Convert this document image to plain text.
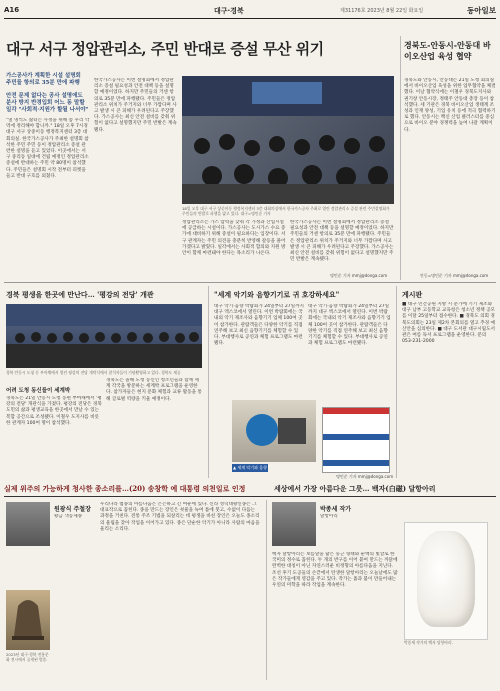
A16	대구·경북	제31176호 2023년 8월 22일 화요일	동아일보
대구 서구 정압관리소, 주민 반대로 증설 무산 위기
가스공사가 계획한 시설 설명회
주민들 항의로 35분 만에 파행
안전 문제 없다는 공사 설명에도
분사 방지 반경입회 어느 동 말할
일각 "사회적·지원가 할될 나서야"
"열 명씩도 삶터는 사정을 위해 좀 우리 악역에 정리해야 합니까." 18일 오후 7시경 대구 서구 상중이동 행정복지센터 3층 대회의실. 한국가스공사가 주최한 설명회 참석한 주민 주민 등이 정압관리소 증설 관련한 설명을 듣고 있었다. 이곳에서는 서구 중리동 일대에 건립 예정인 정압관리소 증설에 반대하는 주민 약 80명이 참석했다. 주민들은 설명회 시작 전부터 피켓을 들고 반대 구호를 외쳤다.
한국가스공사는 이번 설명회에서 정압관리소 증설 필요성과 안전 대책 등을 설명할 예정이었다. 하지만 주민들의 거센 항의로 35분 만에 파행됐다. 주민들은 정압관리소 위치가 주거지와 너무 가깝다며 사고 발생 시 큰 피해가 우려된다고 주장했다. 가스공사는 최신 안전 설비를 갖춰 위험이 없다고 설명했지만 주민 반발은 계속됐다.
18일 오후 대구 서구 상중이동 행정복지센터 3층 대회의실에서 한국가스공사 주최로 열린 정압관리소 증설 관련 주민설명회가 주민들의 반발로 파행을 빚고 있다. 대구=명민준 기자
정압관리소는 가스 압력을 낮춰 각 가정과 산업시설에 공급하는 시설이다. 가스공사는 도시가스 수요 증가에 대비하기 위해 증설이 필요하다는 입장이다. 서구 관계자는 주민 의견을 충분히 반영해 갈등을 풀어가겠다고 밝혔다. 일각에서는 사회적 합의와 지원 방안이 함께 마련돼야 한다는 목소리가 나온다.
한국가스공사는 이번 설명회에서 정압관리소 증설 필요성과 안전 대책 등을 설명할 예정이었다. 하지만 주민들의 거센 항의로 35분 만에 파행됐다. 주민들은 정압관리소 위치가 주거지와 너무 가깝다며 사고 발생 시 큰 피해가 우려된다고 주장했다. 가스공사는 최신 안전 설비를 갖춰 위험이 없다고 설명했지만 주민 반발은 계속됐다.
명민준 기자 mmj@donga.com
경북도-안동시-안동대 바이오산업 육성 협약
경북도와 안동시, 안동대는 21일 도청 회의실에서 바이오산업 육성을 위한 업무협약을 체결했다. 이날 협약식에는 이철우 경북도지사와 권기창 안동시장, 정태주 안동대 총장 등이 참석했다. 세 기관은 경북 바이오산업 생태계 조성과 인재 양성, 기업 유치 등에 적극 협력하기로 했다. 안동시는 백신 산업 클러스터를 중심으로 바이오 분야 경쟁력을 높여 나갈 계획이다.
안동=명민준 기자 mmj@donga.com
경북 평생을 한곳에 만난다… '평강의 전당' 개관
경북 안동시 도청 동 부마채에서 열린 평강의 전당 개막식에서 참석자들이 기념촬영하고 있다. 경북도 제공
경북도는 21일 안동시 도청 동편 부마채에서 '평강의 전당' 개관식을 가졌다. 평강의 전당은 경북 도민의 삶과 평생교육을 한곳에서 만날 수 있는 복합 공간으로 조성됐다. 이철우 도지사를 비롯한 관계자 100여 명이 참석했다.
어려 도청 동신들이 세계박
경북도는 올해 도청 동신인 청소년들과 함께 세계 각국을 방문하는 세계박 프로그램을 운영한다. 참가자들은 현지 문화 체험과 교류 활동을 통해 글로벌 역량을 키울 예정이다.
"세계 악기와 음향기기로 귀 호강하세요"
대구 악기·음향 박람회가 24일부터 27일까지 대구 엑스코에서 열린다. 이번 박람회에는 국내외 악기 제조사와 음향기기 업체 100여 곳이 참가한다. 관람객들은 다양한 악기를 직접 연주해 보고 최신 음향기기를 체험할 수 있다. 부대행사로 공연과 체험 프로그램도 마련됐다.
대구 악기·음향 박람회가 24일부터 27일까지 대구 엑스코에서 열린다. 이번 박람회에는 국내외 악기 제조사와 음향기기 업체 100여 곳이 참가한다. 관람객들은 다양한 악기를 직접 연주해 보고 최신 음향기기를 체험할 수 있다. 부대행사로 공연과 체험 프로그램도 마련됐다.
▲ 세계 악기와 음향
명민준 기자 mmj@donga.com
게시판
■ 대구 민간공원 지방 시 문가에 기기 제조와 대구 남부 고등학교 교육청은 청소년 정책 공모를 이달 25일부터 접수한다. ■ 경북도 의회 경북도의회는 23일 제2차 본회의를 열고 추경 예산안을 심의한다. ■ 대구 도서관 대구시립도서관은 여름 독서 프로그램을 운영한다. 문의 053-231-2000
실제 위주의 가능하게 청사한 종소리를…(20) 송창학 예 대통령 의천일로 인정	세상에서 가장 아름다운 그릇… 백자(白磁) 달항아리
원광식 주철장
황금 색동제종
2023년 대구·경북 전통문화 전시에서 공개된 범종.
우리나라 범종의 아름다움은 은은하고 긴 여운에 있다. 신라 성덕대왕신종은 그 대표작으로 꼽힌다. 종을 만드는 장인은 쇳물을 녹여 틀에 붓고, 수없이 다듬는 과정을 거친다. 전통 주조 기법을 되살리는 데 평생을 바친 장인은 오늘도 종소리의 울림을 찾아 작업을 이어가고 있다. 종은 단순한 악기가 아니라 사람의 마음을 울리는 소리다.
박종세 작가
달항아리
백자 달항아리는 보름달을 닮은 둥근 형태와 순백의 빛깔로 한국미의 정수로 꼽힌다. 두 개의 반구를 이어 붙여 만드는 까닭에 완벽한 대칭이 아닌 자연스러운 비정형의 아름다움을 지닌다. 조선 후기 도공들의 손끝에서 탄생한 달항아리는 오늘날에도 많은 작가들에게 영감을 주고 있다. 작가는 흙과 불이 만들어내는 우연의 미학을 따라 작업을 계속한다.
박종세 작가의 백자 달항아리.
